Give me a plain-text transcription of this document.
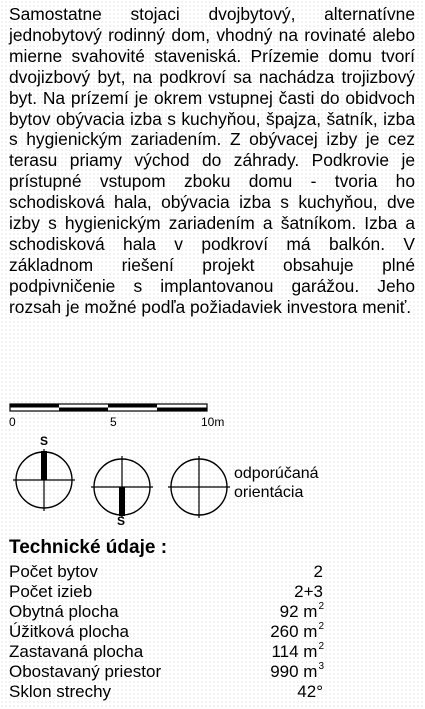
Samostatne stojaci dvojbytový, alternatívne jednobytový rodinný dom, vhodný na rovinaté alebo mierne svahovité staveniská. Prízemie domu tvorí dvojizbový byt, na podkroví sa nachádza trojizbový byt. Na prízemí je okrem vstupnej časti do obidvoch bytov obývacia izba s kuchyňou, špajza, šatník, izba s hygienickým zariadením. Z obývacej izby je cez terasu priamy východ do záhrady. Podkrovie je prístupné vstupom zboku domu - tvoria ho schodisková hala, obývacia izba s kuchyňou, dve izby s hygienickým zariadením a šatníkom. Izba a schodisková hala v podkroví má balkón. V základnom riešení projekt obsahuje plné podpivničenie s implantovanou garážou. Jeho rozsah je možné podľa požiadaviek investora meniť.

0	5	10m
S
S
odporúčaná
orientácia
Technické údaje :
Počet bytov	2
Počet izieb	2+3
Obytná plocha	92 $m^2$
Úžitková plocha	260 $m^2$
Zastavaná plocha	114 $m^2$
Obostavaný priestor	990 $m^3$
Sklon strechy	42°
